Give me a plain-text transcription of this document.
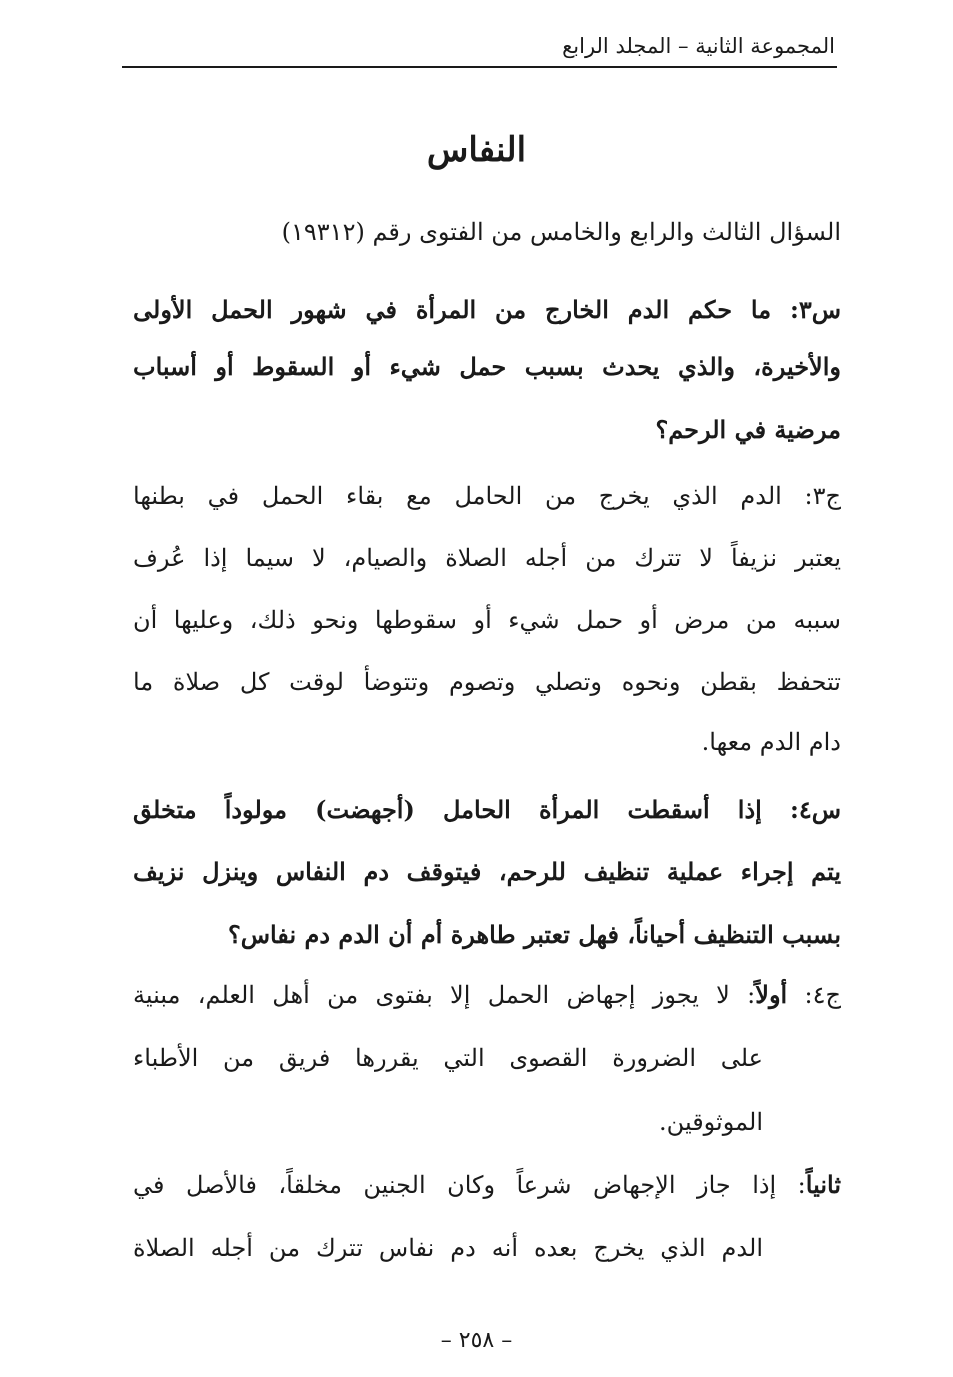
المجموعة الثانية – المجلد الرابع
النفاس
السؤال الثالث والرابع والخامس من الفتوى رقم (١٩٣١٢)
س٣: ما حكم الدم الخارج من المرأة في شهور الحمل الأولى
والأخيرة، والذي يحدث بسبب حمل شيء أو السقوط أو أسباب
مرضية في الرحم؟
ج٣: الدم الذي يخرج من الحامل مع بقاء الحمل في بطنها
يعتبر نزيفاً لا تترك من أجله الصلاة والصيام، لا سيما إذا عُرف
سببه من مرض أو حمل شيء أو سقوطها ونحو ذلك، وعليها أن
تتحفظ بقطن ونحوه وتصلي وتصوم وتتوضأ لوقت كل صلاة ما
دام الدم معها.
س٤: إذا أسقطت المرأة الحامل (أجهضت) مولوداً متخلق
يتم إجراء عملية تنظيف للرحم، فيتوقف دم النفاس وينزل نزيف
بسبب التنظيف أحياناً، فهل تعتبر طاهرة أم أن الدم دم نفاس؟
ج٤: أولاً: لا يجوز إجهاض الحمل إلا بفتوى من أهل العلم، مبنية
على الضرورة القصوى التي يقررها فريق من الأطباء
الموثوقين.
ثانياً: إذا جاز الإجهاض شرعاً وكان الجنين مخلقاً، فالأصل في
الدم الذي يخرج بعده أنه دم نفاس تترك من أجله الصلاة
– ٢٥٨ –
